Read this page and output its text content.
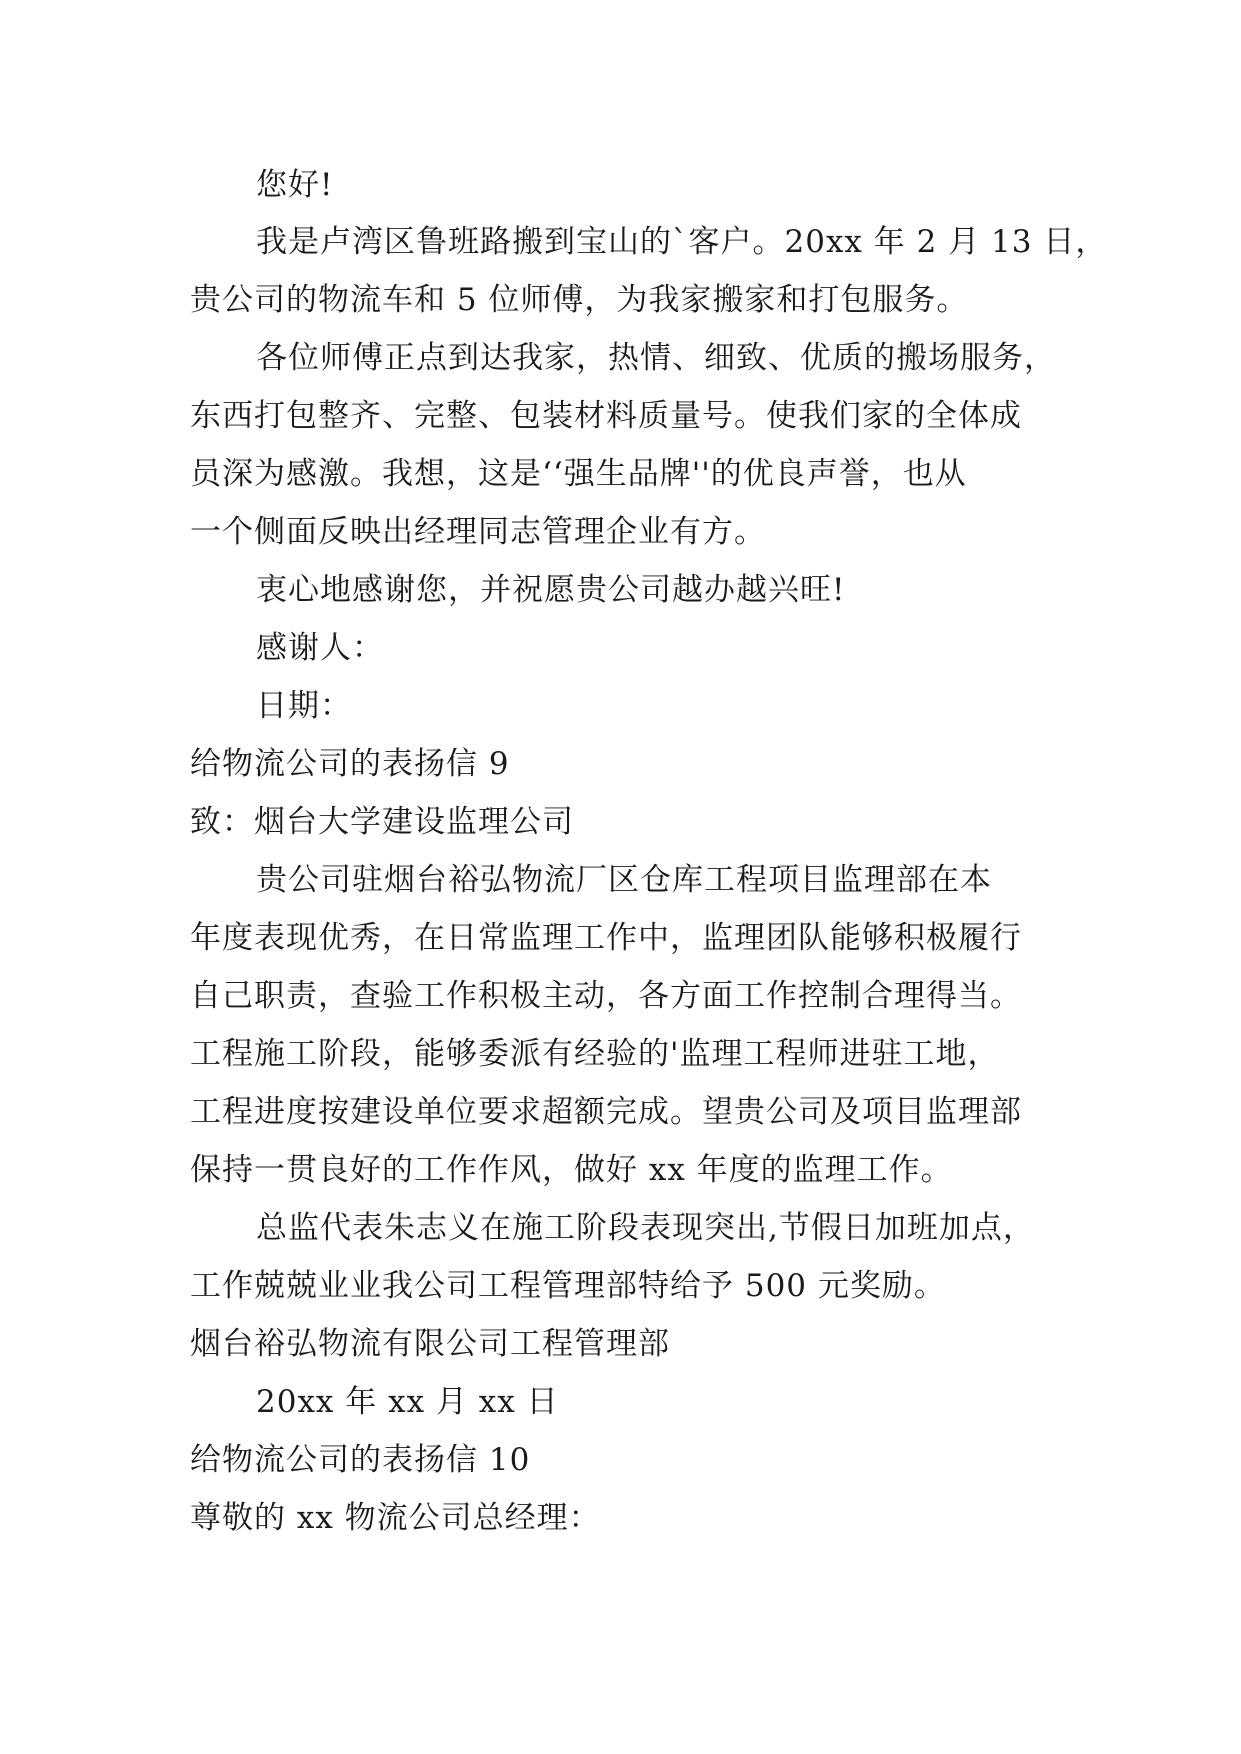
您好!
我是卢湾区鲁班路搬到宝山的`客户。20xx 年 2 月 13 日，
贵公司的物流车和 5 位师傅，为我家搬家和打包服务。
各位师傅正点到达我家，热情、细致、优质的搬场服务，
东西打包整齐、完整、包装材料质量号。使我们家的全体成
员深为感激。我想，这是‘‘强生品牌''的优良声誉，也从
一个侧面反映出经理同志管理企业有方。
衷心地感谢您，并祝愿贵公司越办越兴旺!
感谢人：
日期：
给物流公司的表扬信 9
致：烟台大学建设监理公司
贵公司驻烟台裕弘物流厂区仓库工程项目监理部在本
年度表现优秀，在日常监理工作中，监理团队能够积极履行
自己职责，查验工作积极主动，各方面工作控制合理得当。
工程施工阶段，能够委派有经验的'监理工程师进驻工地，
工程进度按建设单位要求超额完成。望贵公司及项目监理部
保持一贯良好的工作作风，做好 xx 年度的监理工作。
总监代表朱志义在施工阶段表现突出,节假日加班加点，
工作兢兢业业我公司工程管理部特给予 500 元奖励。
烟台裕弘物流有限公司工程管理部
20xx 年 xx 月 xx 日
给物流公司的表扬信 10
尊敬的 xx 物流公司总经理：
